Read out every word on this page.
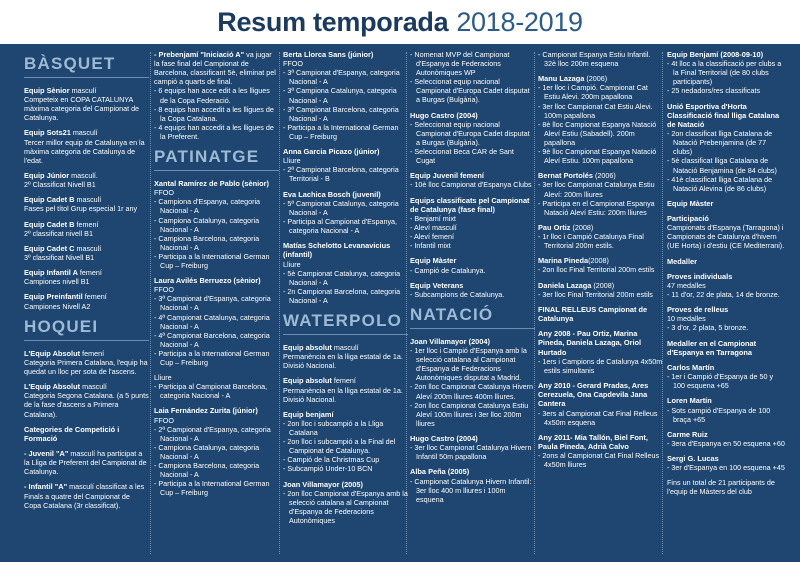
Resum temporada 2018-2019
BÀSQUET
Equip Sènior masculí
Competeix en COPA CATALUNYA màxima categoria del Campionat de Catalunya.
Equip Sots21 masculí
Tercer millor equip de Catalunya en la màxima categoria de Catalunya de l'edat.
Equip Júnior masculí.
2º Classificat Nivell B1
Equip Cadet B masculí
Fases pel títol Grup especial 1r any
Equip Cadet B femení
2º classificat nivell B1
Equip Cadet C masculí
3º classificat Nivell B1
Equip Infantil A femení
Campiones nivell B1
Equip Preinfantil femení
Campiones Nivell A2
HOQUEI
L'Equip Absolut femení
Categoria Primera Catalana, l'equip ha quedat un lloc per sota de l'ascens.
L'Equip Absolut masculí
Categoria Segona Catalana. (a 5 punts de la fase d'ascens a Primera Catalana).
Categories de Competició i Formació
- Juvenil "A" masculí ha participat a la Lliga de Preferent del Campionat de Catalunya.
- Infantil "A" masculí classificat a les Finals a quatre del Campionat de Copa Catalana (3r classificat).
- Prebenjamí "Iniciació A" va jugar la fase final del Campionat de Barcelona, classificant 5è, eliminat pel campió a quarts de final.
- 6 equips han acce edit a les lligues de la Copa Federació.
- 8 equips han accedit a les lligues de la Copa Catalana.
- 4 equips han accedit a les lligues de la Preferent.
PATINATGE
Xantal Ramírez de Pablo (sènior)
FFOO
- Campiona d'Espanya, categoria Nacional - A
- Campiona Catalunya, categoria Nacional - A
- Campiona Barcelona, categoria Nacional - A
- Participa a la International German Cup – Freiburg
Laura Avilés Berruezo (sènior)
FFOO
- 3ª Campionat d'Espanya, categoria Nacional - A
- 4ª Campionat Catalunya, categoria Nacional - A
- 4ª Campionat Barcelona, categoria Nacional - A
- Participa a la International German Cup – Freiburg
Lliure
- Participa al Campionat Barcelona, categoria Nacional - A
Laia Fernández Zurita (júnior)
FFOO
- 2ª Campionat d'Espanya, categoria Nacional - A
- Campiona Catalunya, categoria Nacional - A
- Campiona Barcelona, categoria Nacional - A
- Participa a la International German Cup – Freiburg
Berta Llorca Sans (júnior)
FFOO
- 3ª Campionat d'Espanya, categoria Nacional - A
- 3ª Campiona Catalunya, categoria Nacional - A
- 3ª Campionat Barcelona, categoria Nacional - A
- Participa a la International German Cup – Freiburg
Anna Garcia Picazo (júnior)
Lliure
- 2ª Campionat Barcelona, categoria Territorial - B
Eva Lachica Bosch (juvenil)
- 5ª Campionat Catalunya, categoria Nacional - A
- Participa al Campionat d'Espanya, categoria Nacional - A
Matías Schelotto Levanavicius (infantil)
Lliure
- 5è Campionat Catalunya, categoria Nacional - A
- 2n Campionat Barcelona, categoria Nacional - A
WATERPOLO
Equip absolut masculí
Permanència en la lliga estatal de 1a. Divisió Nacional.
Equip absolut femení
Permanència en la lliga estatal de 1a. Divisió Nacional.
Equip benjamí
- 2on lloc i subcampió a la Lliga Catalana
- 2on lloc i subcampió a la Final del Campionat de Catalunya.
- Campió de la Christmas Cup
- Subcampió Under-10 BCN
Joan Villamayor (2005)
- 2on lloc Campionat d'Espanya amb la selecció catalana al Campionat d'Espanya de Federacions Autonòmiques
- Nomenat MVP del Campionat d'Espanya de Federacions Autonòmiques WP
- Seleccionat equip nacional Campionat d'Europa Cadet disputat a Burgas (Bulgària).
Hugo Castro (2004)
- Seleccionat equip nacional Campionat d'Europa Cadet disputat a Burgas (Bulgària).
- Seleccionat Beca CAR de Sant Cugat
Equip Juvenil femení
- 10è lloc Campionat d'Espanya Clubs
Equips classificats pel Campionat de Catalunya (fase final)
- Benjamí mixt
- Aleví masculí
- Aleví femení
- Infantil mixt
Equip Màster
- Campió de Catalunya.
Equip Veterans
- Subcampions de Catalunya.
NATACIÓ
Joan Villamayor (2004)
- 1er lloc i Campió d'Espanya amb la selecció catalana al Campionat d'Espanya de Federacions Autonòmiques disputat a Madrid.
- 2on lloc Campionat Catalunya Hivern Aleví 200m lliures 400m lliures.
- 2on lloc Campionat Catalunya Estiu Aleví 100m lliures i 3er lloc 200m lliures
Hugo Castro (2004)
- 3er lloc Campionat Catalunya Hivern Infantil 50m papallona
Alba Peña (2005)
- Campionat Catalunya Hivern Infantil: 3er lloc 400 m lliures i 100m esquena
- Campionat Espanya Estiu Infantil. 32è lloc 200m esquena
Manu Lazaga (2006)
- 1er lloc i Campió. Campionat Cat Estiu Alevi. 200m papallona
- 3er lloc Campionat Cat Estiu Alevi. 100m papallona
- 8è lloc Campionat Espanya Natació Aleví Estiu (Sabadell). 200m papallona
- 9è lloc Campionat Espanya Natació Aleví Estiu. 100m papallona
Bernat Portolés (2006)
- 3er lloc Campionat Catalunya Estiu Aleví: 200m lliures
- Participa en el Campionat Espanya Natació Aleví Estiu: 200m lliures
Pau Ortiz (2008)
- 1r lloc i Campió Catalunya Final Territorial 200m estils.
Marina Pineda(2008)
- 2on lloc Final Territorial 200m estils
Daniela Lazaga (2008)
- 3er lloc Final Territorial 200m estils
FINAL RELLEUS Campionat de Catalunya
Any 2008 - Pau Ortiz, Marina Pineda, Daniela Lazaga, Oriol Hurtado
- 1ers i Campions de Catalunya 4x50m estils simultanis
Any 2010 - Gerard Pradas, Ares Cerezuela, Ona Capdevila Jana Cantera
- 3ers al Campionat Cat Final Relleus 4x50m esquena
Any 2011- Mia Tallón, Biel Font, Paula Pineda, Adrià Calvo
- 2ons al Campionat Cat Final Relleus 4x50m lliures
Equip Benjamí (2008-09-10)
- 4t lloc a la classificació per clubs a la Final Territorial (de 80 clubs participants)
- 25 nedadors/res classificats
Unió Esportiva d'Horta Classificació final lliga Catalana de Natació
- 2on classificat lliga Catalana de Natació Prebenjamina (de 77 clubs)
- 5è classificat lliga Catalana de Natació Benjamina (de 84 clubs)
- 41è classificat lliga Catalana de Natació Alevina (de 86 clubs)
Equip Màster
Participació
Campionats d'Espanya (Tarragona) i Campionats de Catalunya d'hivern (UE Horta) i d'estiu (CE Mediterrani).
Medaller
Proves individuals
47 medalles
- 11 d'or, 22 de plata, 14 de bronze.
Proves de relleus
10 medalles
- 3 d'or, 2 plata, 5 bronze.
Medaller en el Campionat d'Espanya en Tarragona
Carlos Martín
- 1er i Campió d'Espanya de 50 y 100 esquena +65
Loren Martín
- Sots campió d'Espanya de 100 braça +65
Carme Ruiz
- 3era d'Espanya en 50 esquena +60
Sergi G. Lucas
- 3er d'Espanya en 100 esquena +45
Fins un total de 21 participants de l'equip de Màsters del club
